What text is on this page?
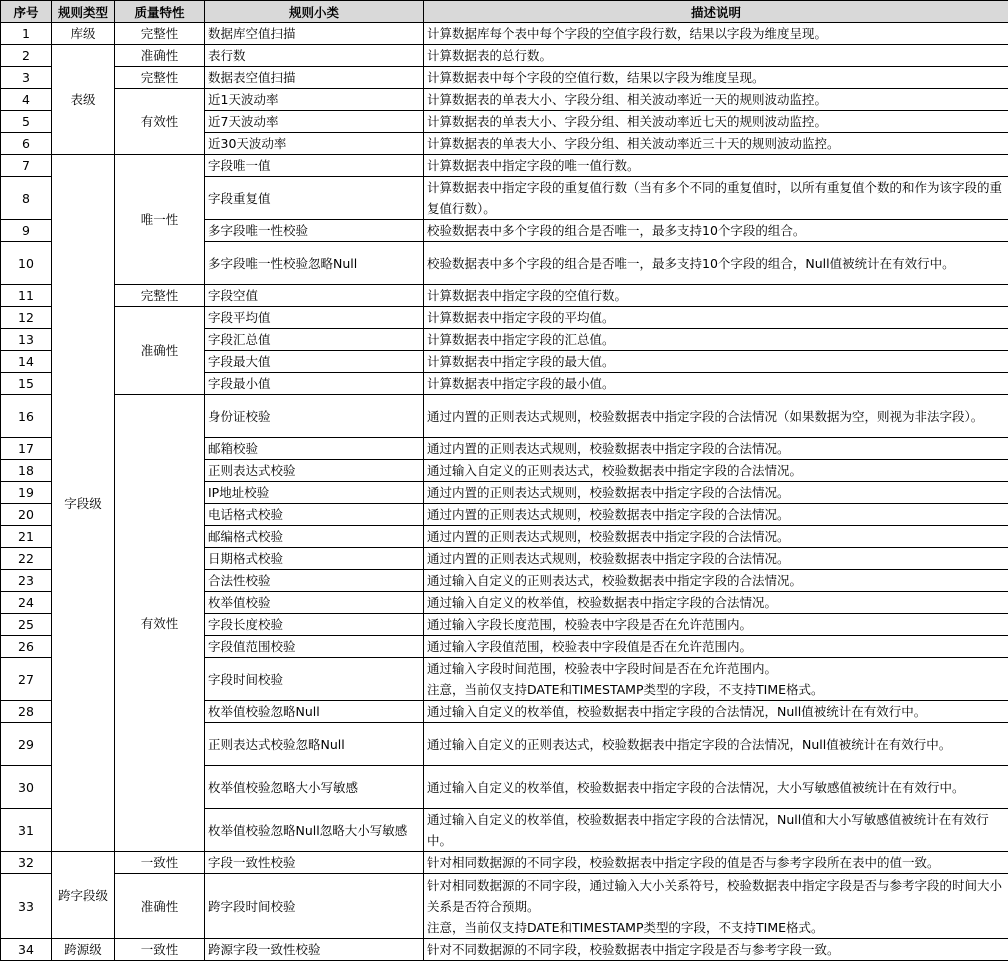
序号	规则类型	质量特性	规则小类	描述说明
1	库级	完整性	数据库空值扫描	计算数据库每个表中每个字段的空值字段行数，结果以字段为维度呈现。
2	表级	准确性	表行数	计算数据表的总行数。
3		完整性	数据表空值扫描	计算数据表中每个字段的空值行数，结果以字段为维度呈现。
4		有效性	近1天波动率	计算数据表的单表大小、字段分组、相关波动率近一天的规则波动监控。
5			近7天波动率	计算数据表的单表大小、字段分组、相关波动率近七天的规则波动监控。
6			近30天波动率	计算数据表的单表大小、字段分组、相关波动率近三十天的规则波动监控。
7	字段级	唯一性	字段唯一值	计算数据表中指定字段的唯一值行数。
8			字段重复值	计算数据表中指定字段的重复值行数（当有多个不同的重复值时，以所有重复值个数的和作为该字段的重复值行数）。
9			多字段唯一性校验	校验数据表中多个字段的组合是否唯一，最多支持10个字段的组合。
10			多字段唯一性校验忽略Null	校验数据表中多个字段的组合是否唯一，最多支持10个字段的组合，Null值被统计在有效行中。
11		完整性	字段空值	计算数据表中指定字段的空值行数。
12		准确性	字段平均值	计算数据表中指定字段的平均值。
13			字段汇总值	计算数据表中指定字段的汇总值。
14			字段最大值	计算数据表中指定字段的最大值。
15			字段最小值	计算数据表中指定字段的最小值。
16		有效性	身份证校验	通过内置的正则表达式规则，校验数据表中指定字段的合法情况（如果数据为空，则视为非法字段）。
17			邮箱校验	通过内置的正则表达式规则，校验数据表中指定字段的合法情况。
18			正则表达式校验	通过输入自定义的正则表达式，校验数据表中指定字段的合法情况。
19			IP地址校验	通过内置的正则表达式规则，校验数据表中指定字段的合法情况。
20			电话格式校验	通过内置的正则表达式规则，校验数据表中指定字段的合法情况。
21			邮编格式校验	通过内置的正则表达式规则，校验数据表中指定字段的合法情况。
22			日期格式校验	通过内置的正则表达式规则，校验数据表中指定字段的合法情况。
23			合法性校验	通过输入自定义的正则表达式，校验数据表中指定字段的合法情况。
24			枚举值校验	通过输入自定义的枚举值，校验数据表中指定字段的合法情况。
25			字段长度校验	通过输入字段长度范围，校验表中字段是否在允许范围内。
26			字段值范围校验	通过输入字段值范围，校验表中字段值是否在允许范围内。
27			字段时间校验	通过输入字段时间范围，校验表中字段时间是否在允许范围内。
注意，当前仅支持DATE和TIMESTAMP类型的字段，不支持TIME格式。
28			枚举值校验忽略Null	通过输入自定义的枚举值，校验数据表中指定字段的合法情况，Null值被统计在有效行中。
29			正则表达式校验忽略Null	通过输入自定义的正则表达式，校验数据表中指定字段的合法情况，Null值被统计在有效行中。
30			枚举值校验忽略大小写敏感	通过输入自定义的枚举值，校验数据表中指定字段的合法情况，大小写敏感值被统计在有效行中。
31			枚举值校验忽略Null忽略大小写敏感	通过输入自定义的枚举值，校验数据表中指定字段的合法情况，Null值和大小写敏感值被统计在有效行中。
32	跨字段级	一致性	字段一致性校验	针对相同数据源的不同字段，校验数据表中指定字段的值是否与参考字段所在表中的值一致。
33		准确性	跨字段时间校验	针对相同数据源的不同字段，通过输入大小关系符号，校验数据表中指定字段是否与参考字段的时间大小关系是否符合预期。
注意，当前仅支持DATE和TIMESTAMP类型的字段，不支持TIME格式。
34	跨源级	一致性	跨源字段一致性校验	针对不同数据源的不同字段，校验数据表中指定字段是否与参考字段一致。
